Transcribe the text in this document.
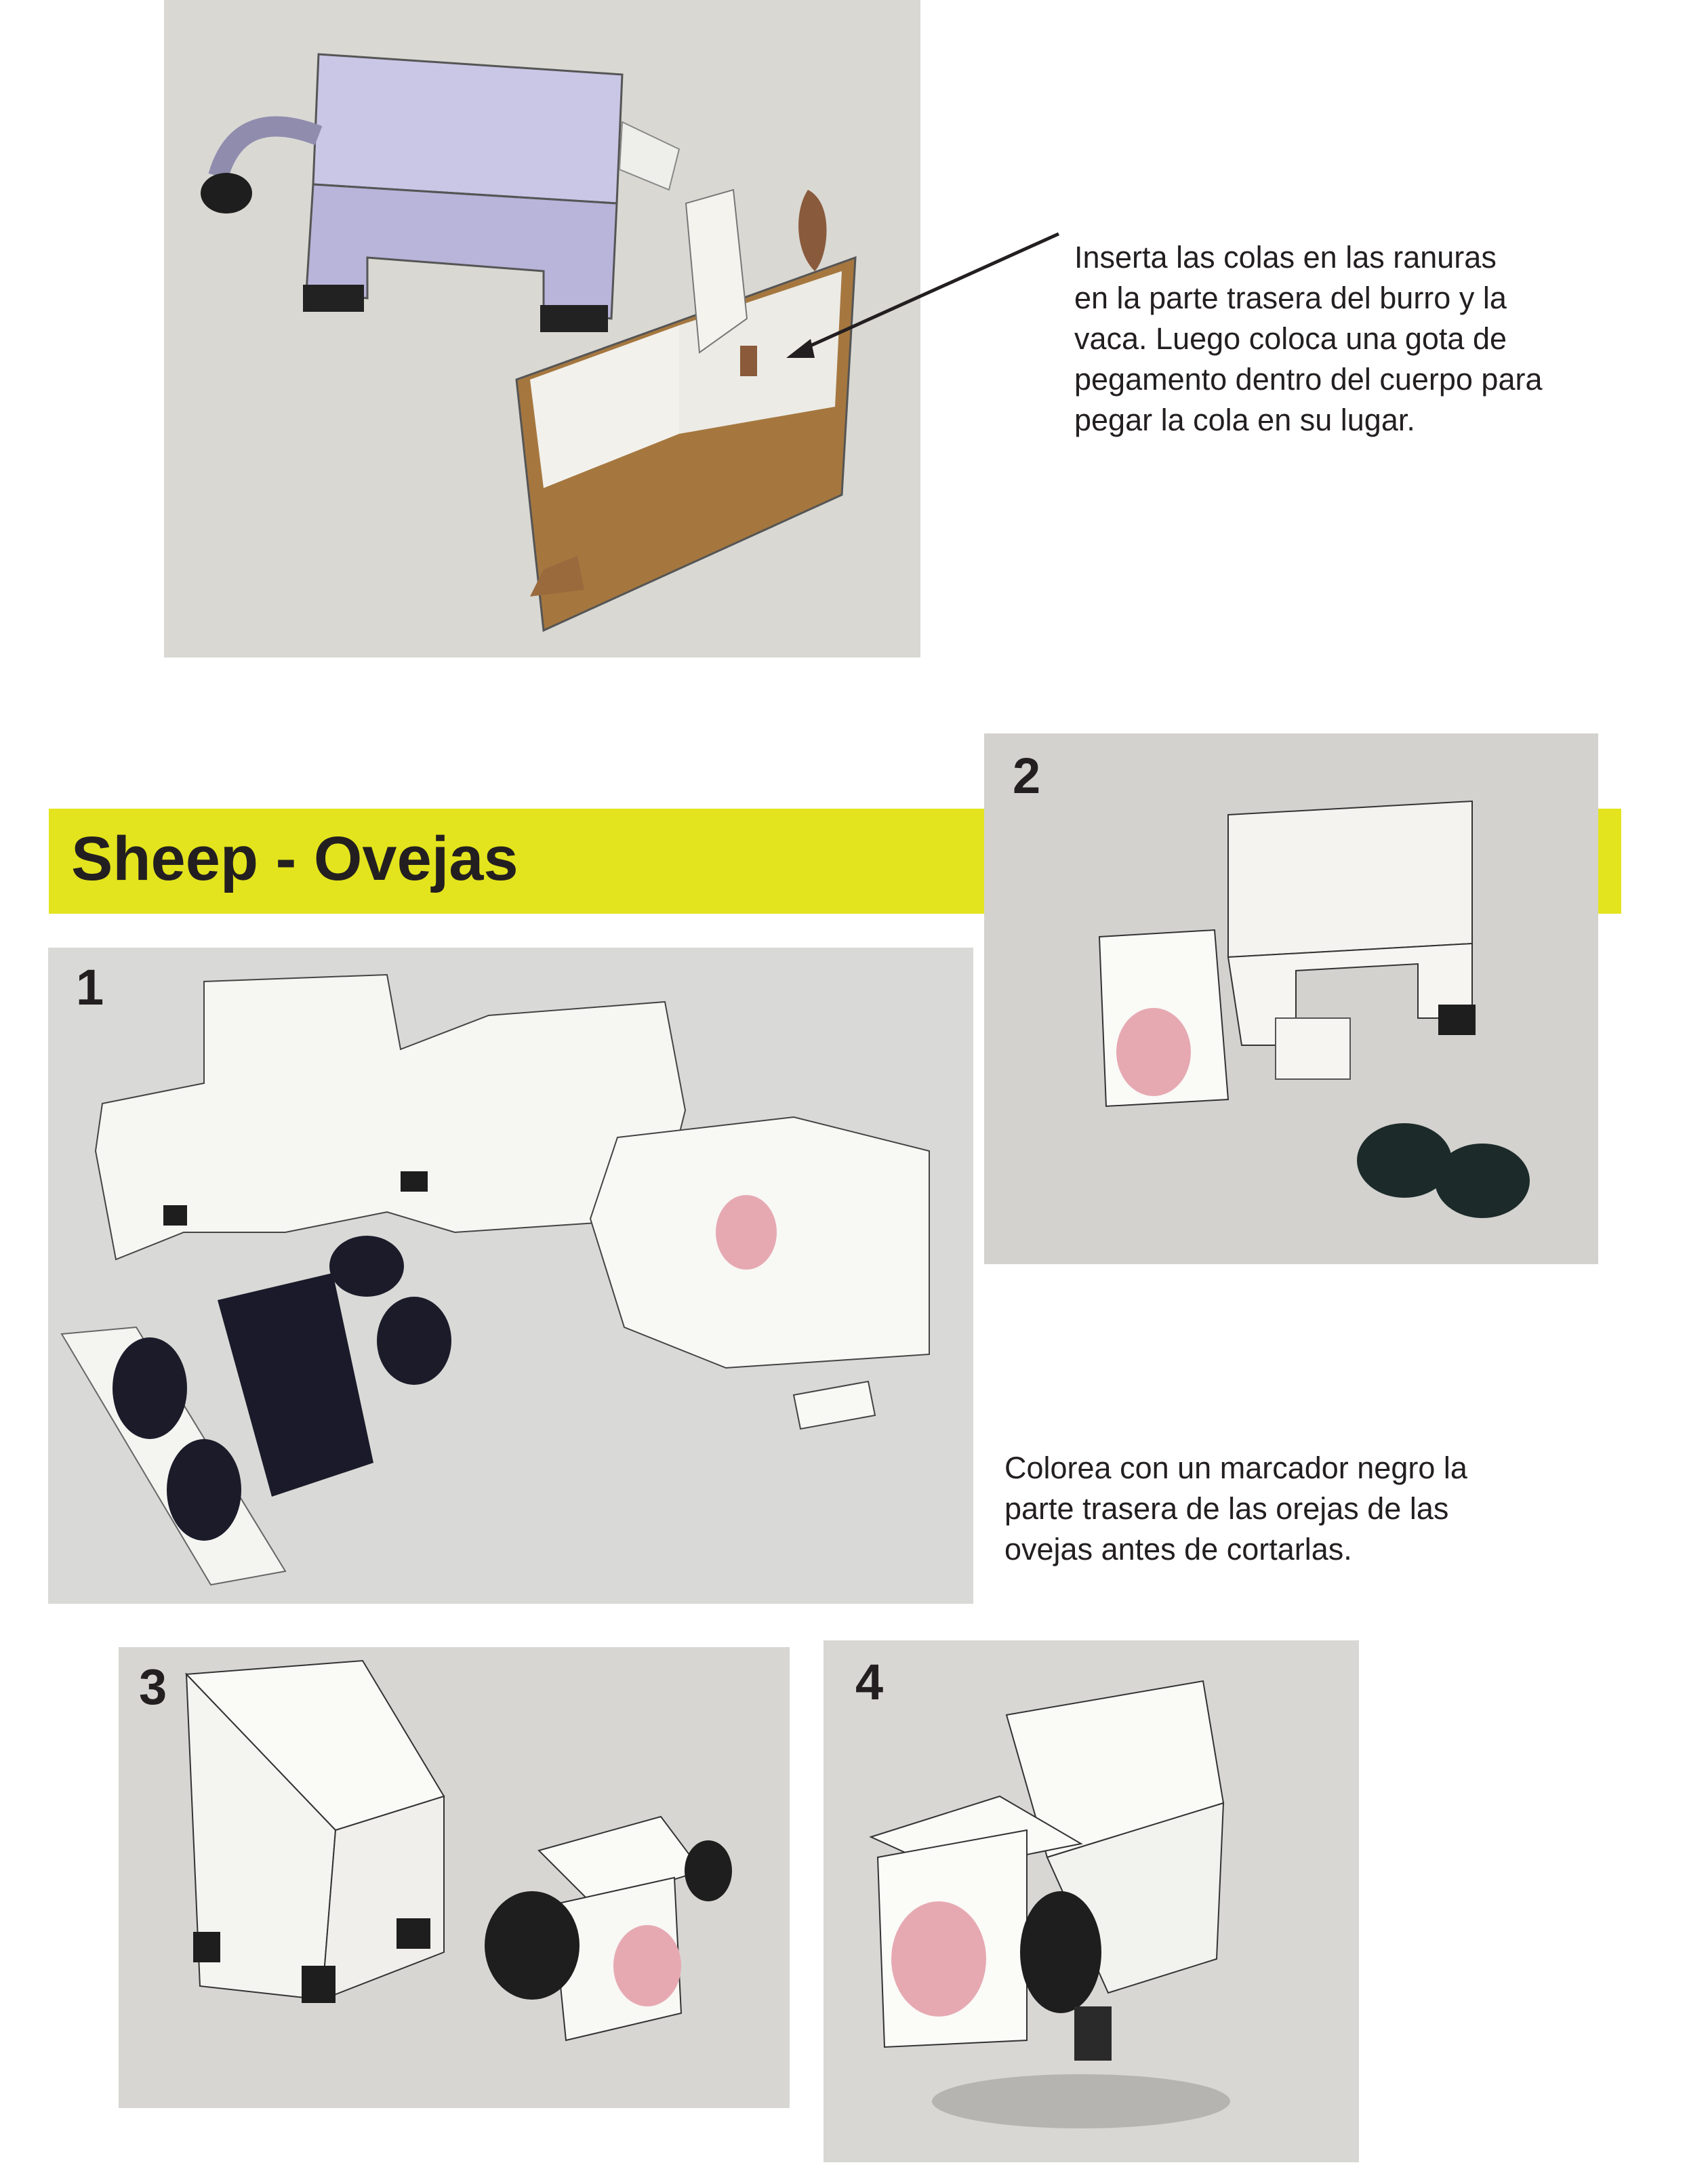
Inserta las colas en las ranuras
en la parte trasera del burro y la
vaca. Luego coloca una gota de
pegamento dentro del cuerpo para
pegar la cola en su lugar.
Sheep - Ovejas
2
1
Colorea con un marcador negro la
parte trasera de las orejas de las
ovejas antes de cortarlas.
3	4
